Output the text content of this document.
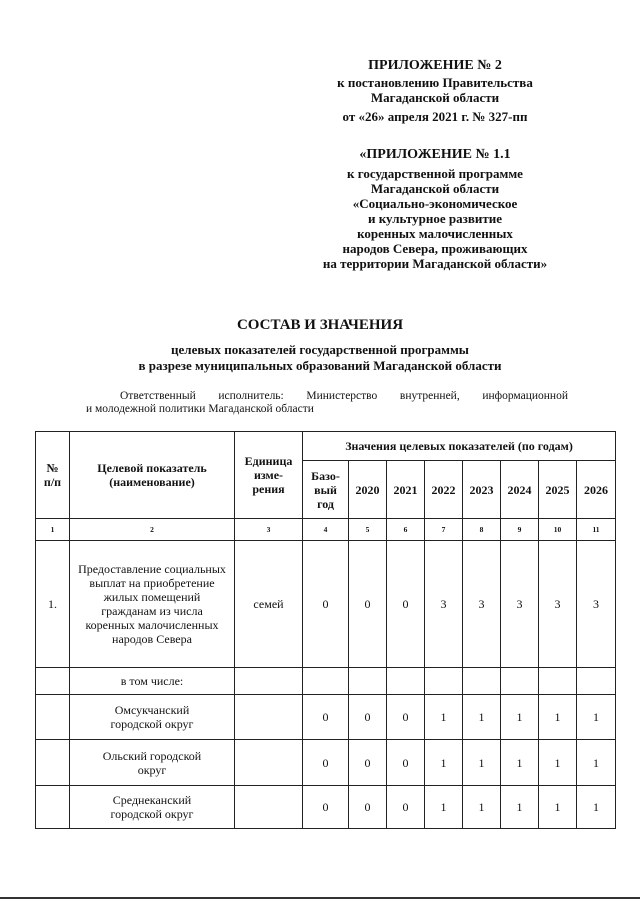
ПРИЛОЖЕНИЕ № 2
к постановлению Правительства
Магаданской области
от «26» апреля 2021 г. № 327-пп
«ПРИЛОЖЕНИЕ № 1.1
к государственной программе
Магаданской области
«Социально-экономическое
и культурное развитие
коренных малочисленных
народов Севера, проживающих
на территории Магаданской области»
СОСТАВ И ЗНАЧЕНИЯ
целевых показателей государственной программы
в разрезе муниципальных образований Магаданской области
Ответственный исполнитель: Министерство внутренней, информационной
и молодежной политики Магаданской области
№ п/п	Целевой показатель (наименование)	Единица изме-рения	Значения целевых показателей (по годам)							
			Базо-вый год	2020	2021	2022	2023	2024	2025	2026
1	2	3	4	5	6	7	8	9	10	11
1.	Предоставление социальных выплат на приобретение жилых помещений гражданам из числа коренных малочисленных народов Севера	семей	0	0	0	3	3	3	3	3
	в том числе:									
	Омсукчанский городской округ		0	0	0	1	1	1	1	1
	Ольский городской округ		0	0	0	1	1	1	1	1
	Среднеканский городской округ		0	0	0	1	1	1	1	1
